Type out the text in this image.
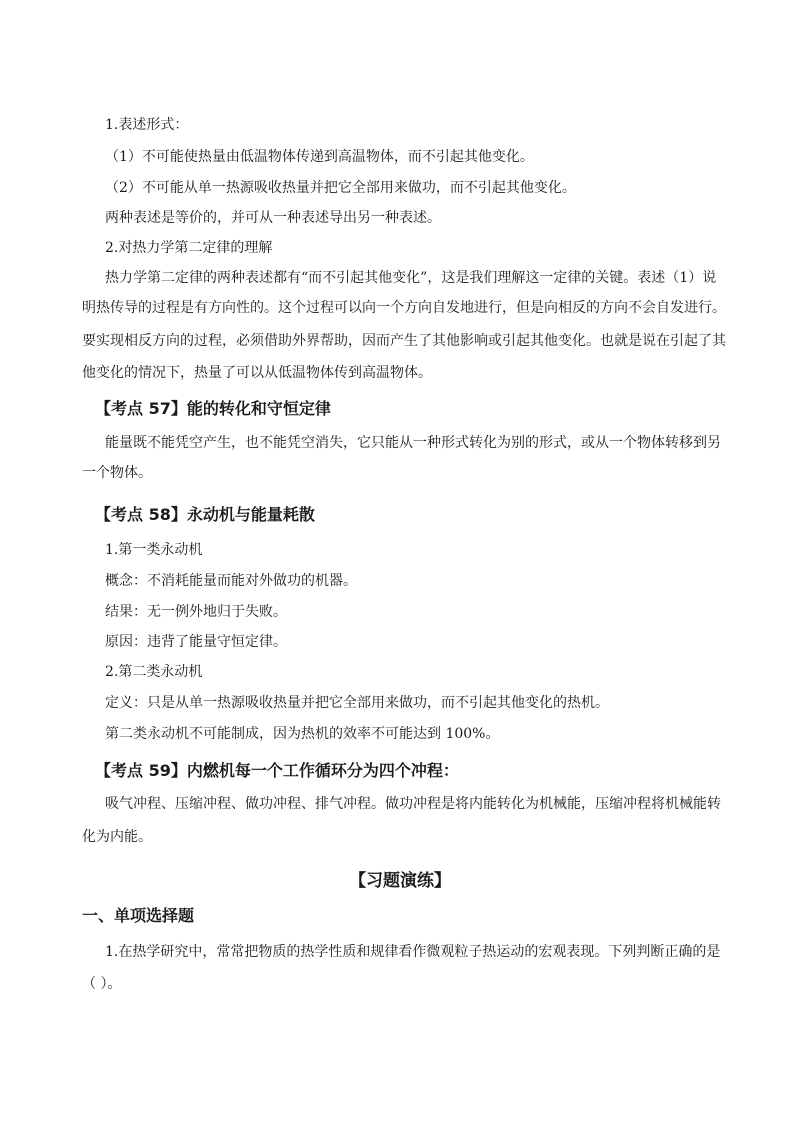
1.表述形式：
（1）不可能使热量由低温物体传递到高温物体，而不引起其他变化。
（2）不可能从单一热源吸收热量并把它全部用来做功，而不引起其他变化。
两种表述是等价的，并可从一种表述导出另一种表述。
2.对热力学第二定律的理解
热力学第二定律的两种表述都有“而不引起其他变化”，这是我们理解这一定律的关键。表述（1）说
明热传导的过程是有方向性的。这个过程可以向一个方向自发地进行，但是向相反的方向不会自发进行。
要实现相反方向的过程，必须借助外界帮助，因而产生了其他影响或引起其他变化。也就是说在引起了其
他变化的情况下，热量了可以从低温物体传到高温物体。
【考点 57】能的转化和守恒定律
能量既不能凭空产生，也不能凭空消失，它只能从一种形式转化为别的形式，或从一个物体转移到另
一个物体。
【考点 58】永动机与能量耗散
1.第一类永动机
概念：不消耗能量而能对外做功的机器。
结果：无一例外地归于失败。
原因：违背了能量守恒定律。
2.第二类永动机
定义：只是从单一热源吸收热量并把它全部用来做功，而不引起其他变化的热机。
第二类永动机不可能制成，因为热机的效率不可能达到 100%。
【考点 59】内燃机每一个工作循环分为四个冲程：
吸气冲程、压缩冲程、做功冲程、排气冲程。做功冲程是将内能转化为机械能，压缩冲程将机械能转
化为内能。
【习题演练】
一、单项选择题
1.在热学研究中，常常把物质的热学性质和规律看作微观粒子热运动的宏观表现。下列判断正确的是
（ ）。
